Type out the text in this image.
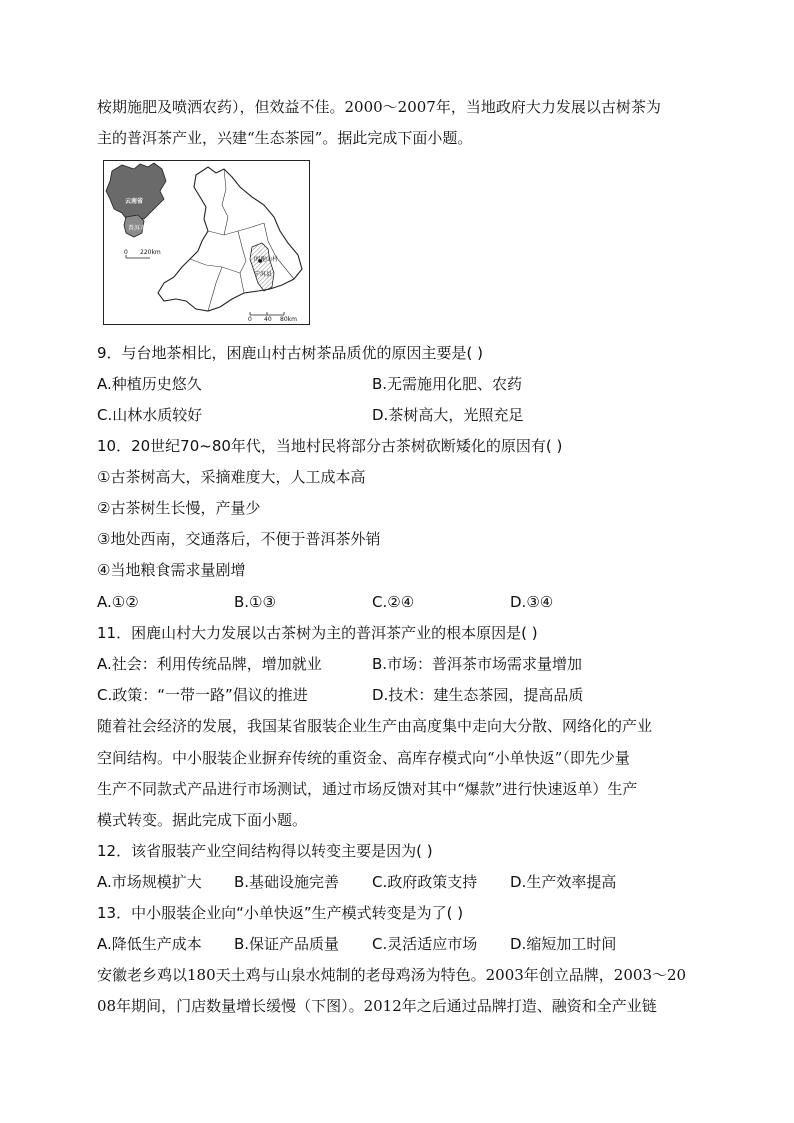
桉期施肥及喷洒农药），但效益不佳。2000～2007年，当地政府大力发展以古树茶为
主的普洱茶产业，兴建“生态茶园”。据此完成下面小题。
云南省
普洱市
0 220km
困鹿山村
宁洱县
0 40 80km
9．与台地茶相比，困鹿山村古树茶品质优的原因主要是( )
A.种植历史悠久	B.无需施用化肥、农药
C.山林水质较好	D.茶树高大，光照充足
10．20世纪70~80年代，当地村民将部分古茶树砍断矮化的原因有( )
①古茶树高大，采摘难度大，人工成本高
②古茶树生长慢，产量少
③地处西南，交通落后，不便于普洱茶外销
④当地粮食需求量剧增
A.①②	B.①③	C.②④	D.③④
11．困鹿山村大力发展以古茶树为主的普洱茶产业的根本原因是( )
A.社会：利用传统品牌，增加就业	B.市场：普洱茶市场需求量增加
C.政策：“一带一路”倡议的推进	D.技术：建生态茶园，提高品质
随着社会经济的发展，我国某省服装企业生产由高度集中走向大分散、网络化的产业
空间结构。中小服装企业摒弃传统的重资金、高库存模式向“小单快返”（即先少量
生产不同款式产品进行市场测试，通过市场反馈对其中“爆款”进行快速返单）生产
模式转变。据此完成下面小题。
12．该省服装产业空间结构得以转变主要是因为( )
A.市场规模扩大 B.基础设施完善 C.政府政策支持 D.生产效率提高
13．中小服装企业向“小单快返”生产模式转变是为了( )
A.降低生产成本 B.保证产品质量 C.灵活适应市场 D.缩短加工时间
安徽老乡鸡以180天土鸡与山泉水炖制的老母鸡汤为特色。2003年创立品牌，2003～20
08年期间，门店数量增长缓慢（下图）。2012年之后通过品牌打造、融资和全产业链
